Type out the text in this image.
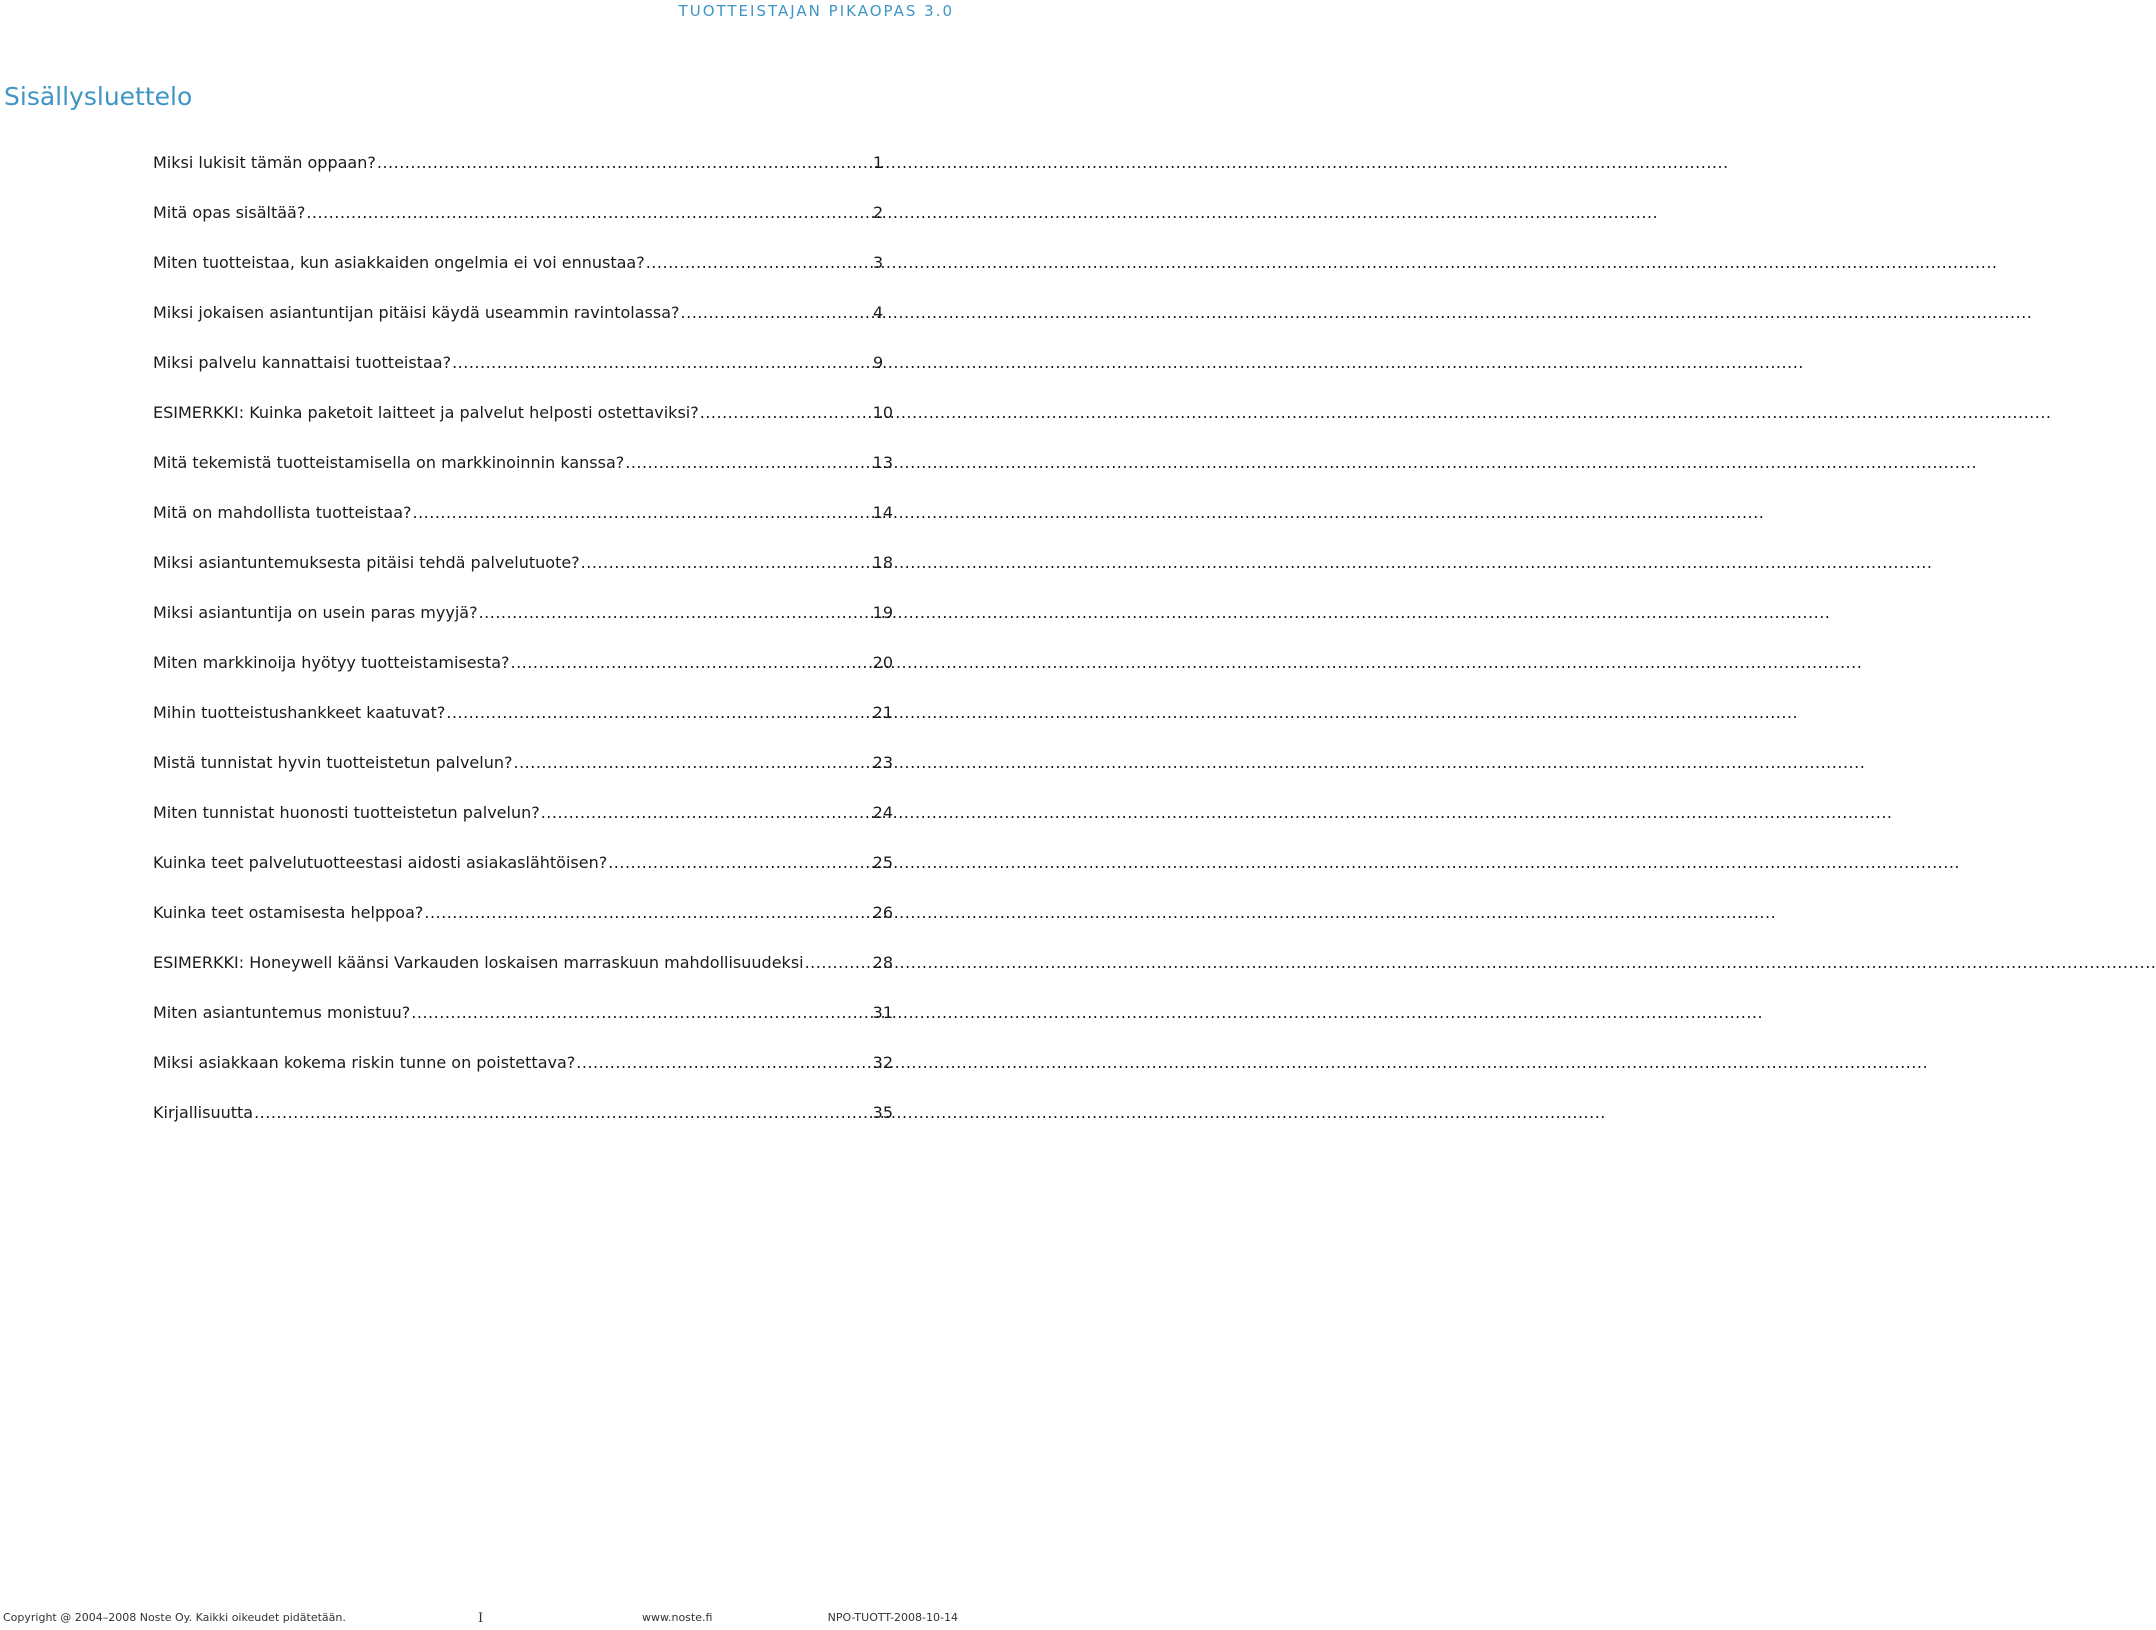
TUOTTEISTAJAN PIKAOPAS 3.0
Sisällysluettelo
Miksi lukisit tämän oppaan? .....	1
Mitä opas sisältää? .....	2
Miten tuotteistaa, kun asiakkaiden ongelmia ei voi ennustaa? .....	3
Miksi jokaisen asiantuntijan pitäisi käydä useammin ravintolassa? .....	4
Miksi palvelu kannattaisi tuotteistaa? .....	9
ESIMERKKI: Kuinka paketoit laitteet ja palvelut helposti ostettaviksi? .....	10
Mitä tekemistä tuotteistamisella on markkinoinnin kanssa? .....	13
Mitä on mahdollista tuotteistaa? .....	14
Miksi asiantuntemuksesta pitäisi tehdä palvelutuote? .....	18
Miksi asiantuntija on usein paras myyjä? .....	19
Miten markkinoija hyötyy tuotteistamisesta? .....	20
Mihin tuotteistushankkeet kaatuvat? .....	21
Mistä tunnistat hyvin tuotteistetun palvelun? .....	23
Miten tunnistat huonosti tuotteistetun palvelun? .....	24
Kuinka teet palvelutuotteestasi aidosti asiakaslähtöisen? .....	25
Kuinka teet ostamisesta helppoa? .....	26
ESIMERKKI: Honeywell käänsi Varkauden loskaisen marraskuun mahdollisuudeksi .....	28
Miten asiantuntemus monistuu? .....	31
Miksi asiakkaan kokema riskin tunne on poistettava? .....	32
Kirjallisuutta .....	35
Copyright @ 2004–2008 Noste Oy. Kaikki oikeudet pidätetään.	I	www.noste.fi	NPO-TUOTT-2008-10-14
